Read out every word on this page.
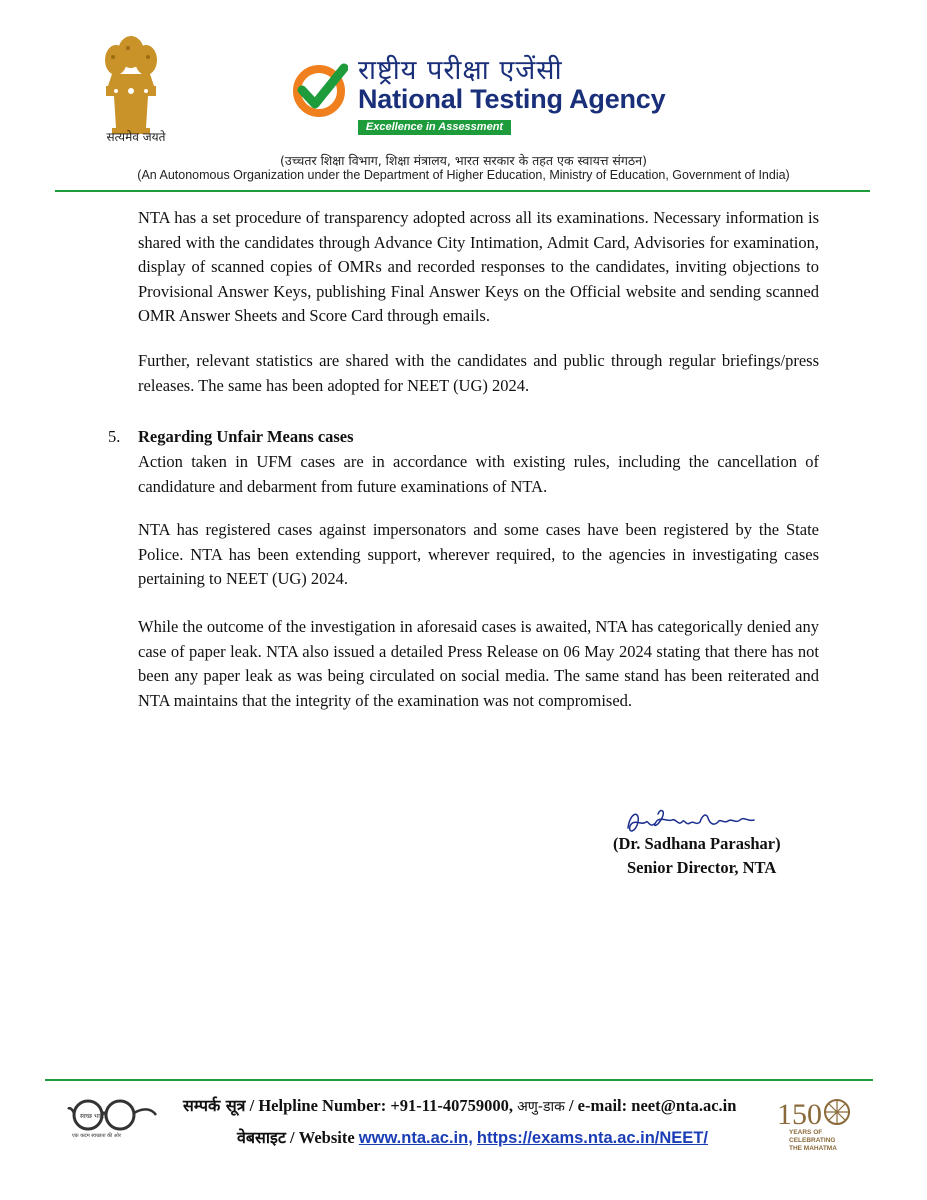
सत्यमेव जयते
राष्ट्रीय परीक्षा एजेंसी
National Testing Agency
Excellence in Assessment
(उच्चतर शिक्षा विभाग, शिक्षा मंत्रालय, भारत सरकार के तहत एक स्वायत्त संगठन)
(An Autonomous Organization under the Department of Higher Education, Ministry of Education, Government of India)
NTA has a set procedure of transparency adopted across all its examinations. Necessary information is shared with the candidates through Advance City Intimation, Admit Card, Advisories for examination, display of scanned copies of OMRs and recorded responses to the candidates, inviting objections to Provisional Answer Keys, publishing Final Answer Keys on the Official website and sending scanned OMR Answer Sheets and Score Card through emails.
Further, relevant statistics are shared with the candidates and public through regular briefings/press releases. The same has been adopted for NEET (UG) 2024.
5. Regarding Unfair Means cases
Action taken in UFM cases are in accordance with existing rules, including the cancellation of candidature and debarment from future examinations of NTA.
NTA has registered cases against impersonators and some cases have been registered by the State Police. NTA has been extending support, wherever required, to the agencies in investigating cases pertaining to NEET (UG) 2024.
While the outcome of the investigation in aforesaid cases is awaited, NTA has categorically denied any case of paper leak. NTA also issued a detailed Press Release on 06 May 2024 stating that there has not been any paper leak as was being circulated on social media. The same stand has been reiterated and NTA maintains that the integrity of the examination was not compromised.
(Dr. Sadhana Parashar)
Senior Director, NTA
स्वच्छ भारत
एक कदम स्वच्छता की ओर
सम्पर्क सूत्र / Helpline Number: +91-11-40759000, अणु-डाक / e-mail: neet@nta.ac.in
वेबसाइट / Website www.nta.ac.in, https://exams.nta.ac.in/NEET/
150
YEARS OF
CELEBRATING
THE MAHATMA
